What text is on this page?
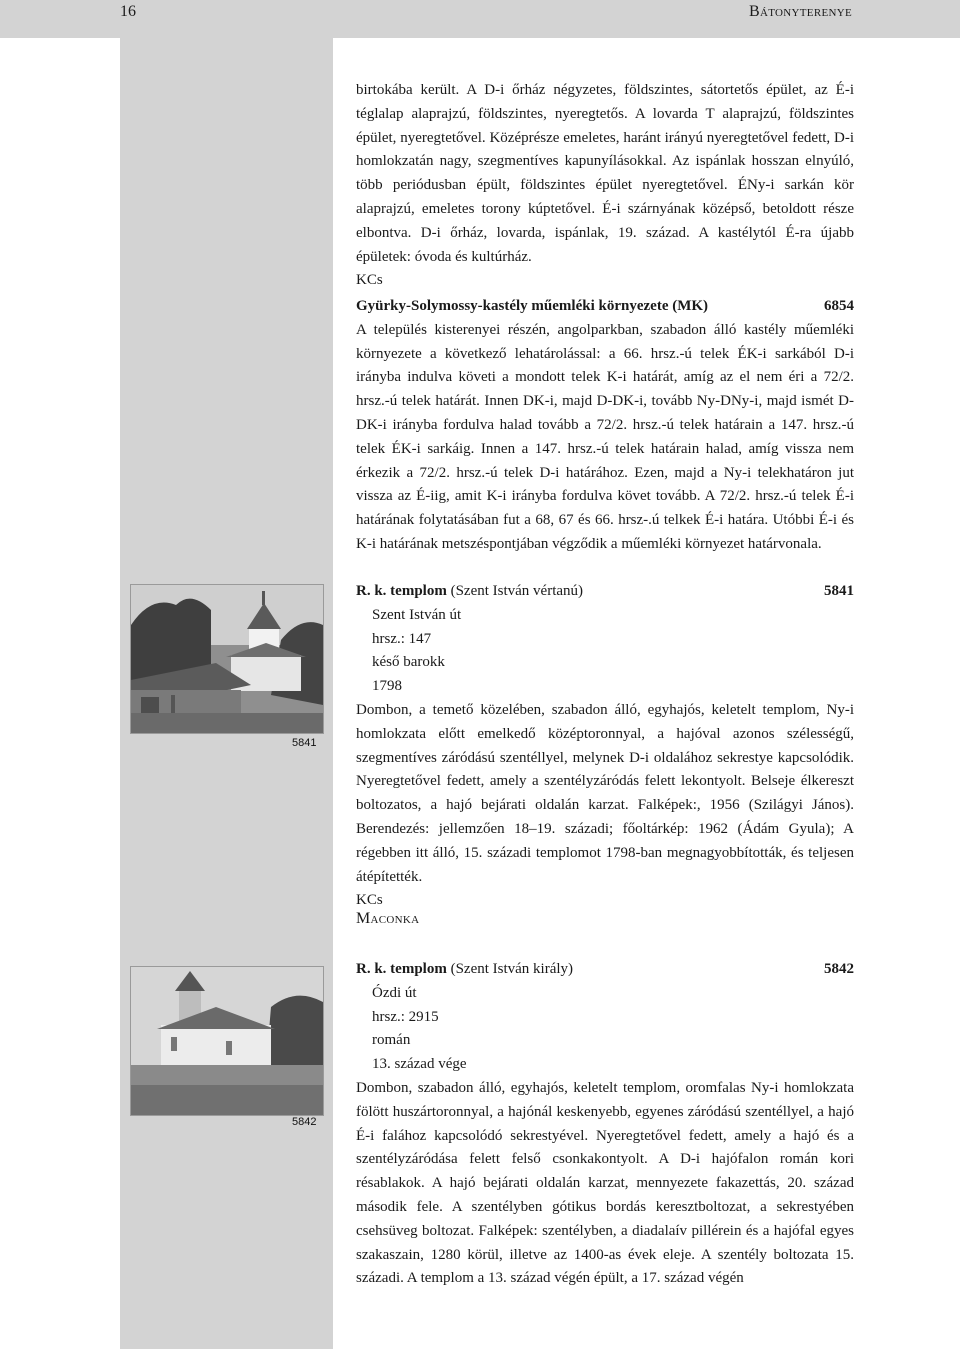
16	Bátonyterenye
5841
5842

birtokába került. A D-i őrház négyzetes, földszintes, sátortetős épület, az É-i téglalap alaprajzú, földszintes, nyeregtetős. A lovarda T alaprajzú, földszintes épület, nyeregtetővel. Középrésze emeletes, haránt irányú nyeregtetővel fedett, D-i homlokzatán nagy, szegmentíves kapunyílásokkal. Az ispánlak hosszan elnyúló, több periódusban épült, földszintes épület nyeregtetővel. ÉNy-i sarkán kör alaprajzú, emeletes torony kúptetővel. É-i szárnyának középső, betoldott része elbontva. D-i őrház, lovarda, ispánlak, 19. század. A kastélytól É-ra újabb épületek: óvoda és kultúrház.

KCs

Gyürky-Solymossy-kastély műemléki környezete (MK)	6854

A település kisterenyei részén, angolparkban, szabadon álló kastély műemléki környezete a következő lehatárolással: a 66. hrsz.-ú telek ÉK-i sarkából D-i irányba indulva követi a mondott telek K-i határát, amíg az el nem éri a 72/2. hrsz.-ú telek határát. Innen DK-i, majd D-DK-i, tovább Ny-DNy-i, majd ismét D-DK-i irányba fordulva halad tovább a 72/2. hrsz.-ú telek határain a 147. hrsz.-ú telek ÉK-i sarkáig. Innen a 147. hrsz.-ú telek határain halad, amíg vissza nem érkezik a 72/2. hrsz.-ú telek D-i határához. Ezen, majd a Ny-i telekhatáron jut vissza az É-iig, amit K-i irányba fordulva követ tovább. A 72/2. hrsz.-ú telek É-i határának folytatásában fut a 68, 67 és 66. hrsz-.ú telkek É-i határa. Utóbbi É-i és K-i határának metszéspontjában végződik a műemléki környezet határvonala.

R. k. templom (Szent István vértanú)	5841

Szent István út

hrsz.: 147

késő barokk

1798

Dombon, a temető közelében, szabadon álló, egyhajós, keletelt templom, Ny-i homlokzata előtt emelkedő középtoronnyal, a hajóval azonos szélességű, szegmentíves záródású szentéllyel, melynek D-i oldalához sekrestye kapcsolódik. Nyeregtetővel fedett, amely a szentélyzáródás felett lekontyolt. Belseje élkereszt boltozatos, a hajó bejárati oldalán karzat. Falképek:, 1956 (Szilágyi János). Berendezés: jellemzően 18–19. századi; főoltárkép: 1962 (Ádám Gyula); A régebben itt álló, 15. századi templomot 1798-ban megnagyobbították, és teljesen átépítették.

KCs

Maconka
R. k. templom (Szent István király)	5842

Ózdi út

hrsz.: 2915

román

13. század vége

Dombon, szabadon álló, egyhajós, keletelt templom, oromfalas Ny-i homlokzata fölött huszártoronnyal, a hajónál keskenyebb, egyenes záródású szentéllyel, a hajó É-i falához kapcsolódó sekrestyével. Nyeregtetővel fedett, amely a hajó és a szentélyzáródása felett felső csonkakontyolt. A D-i hajófalon román kori résablakok. A hajó bejárati oldalán karzat, mennyezete fakazettás, 20. század második fele. A szentélyben gótikus bordás keresztboltozat, a sekrestyében csehsüveg boltozat. Falképek: szentélyben, a diadalaív pillérein és a hajófal egyes szakaszain, 1280 körül, illetve az 1400-as évek eleje. A szentély boltozata 15. századi. A templom a 13. század végén épült, a 17. század végén
